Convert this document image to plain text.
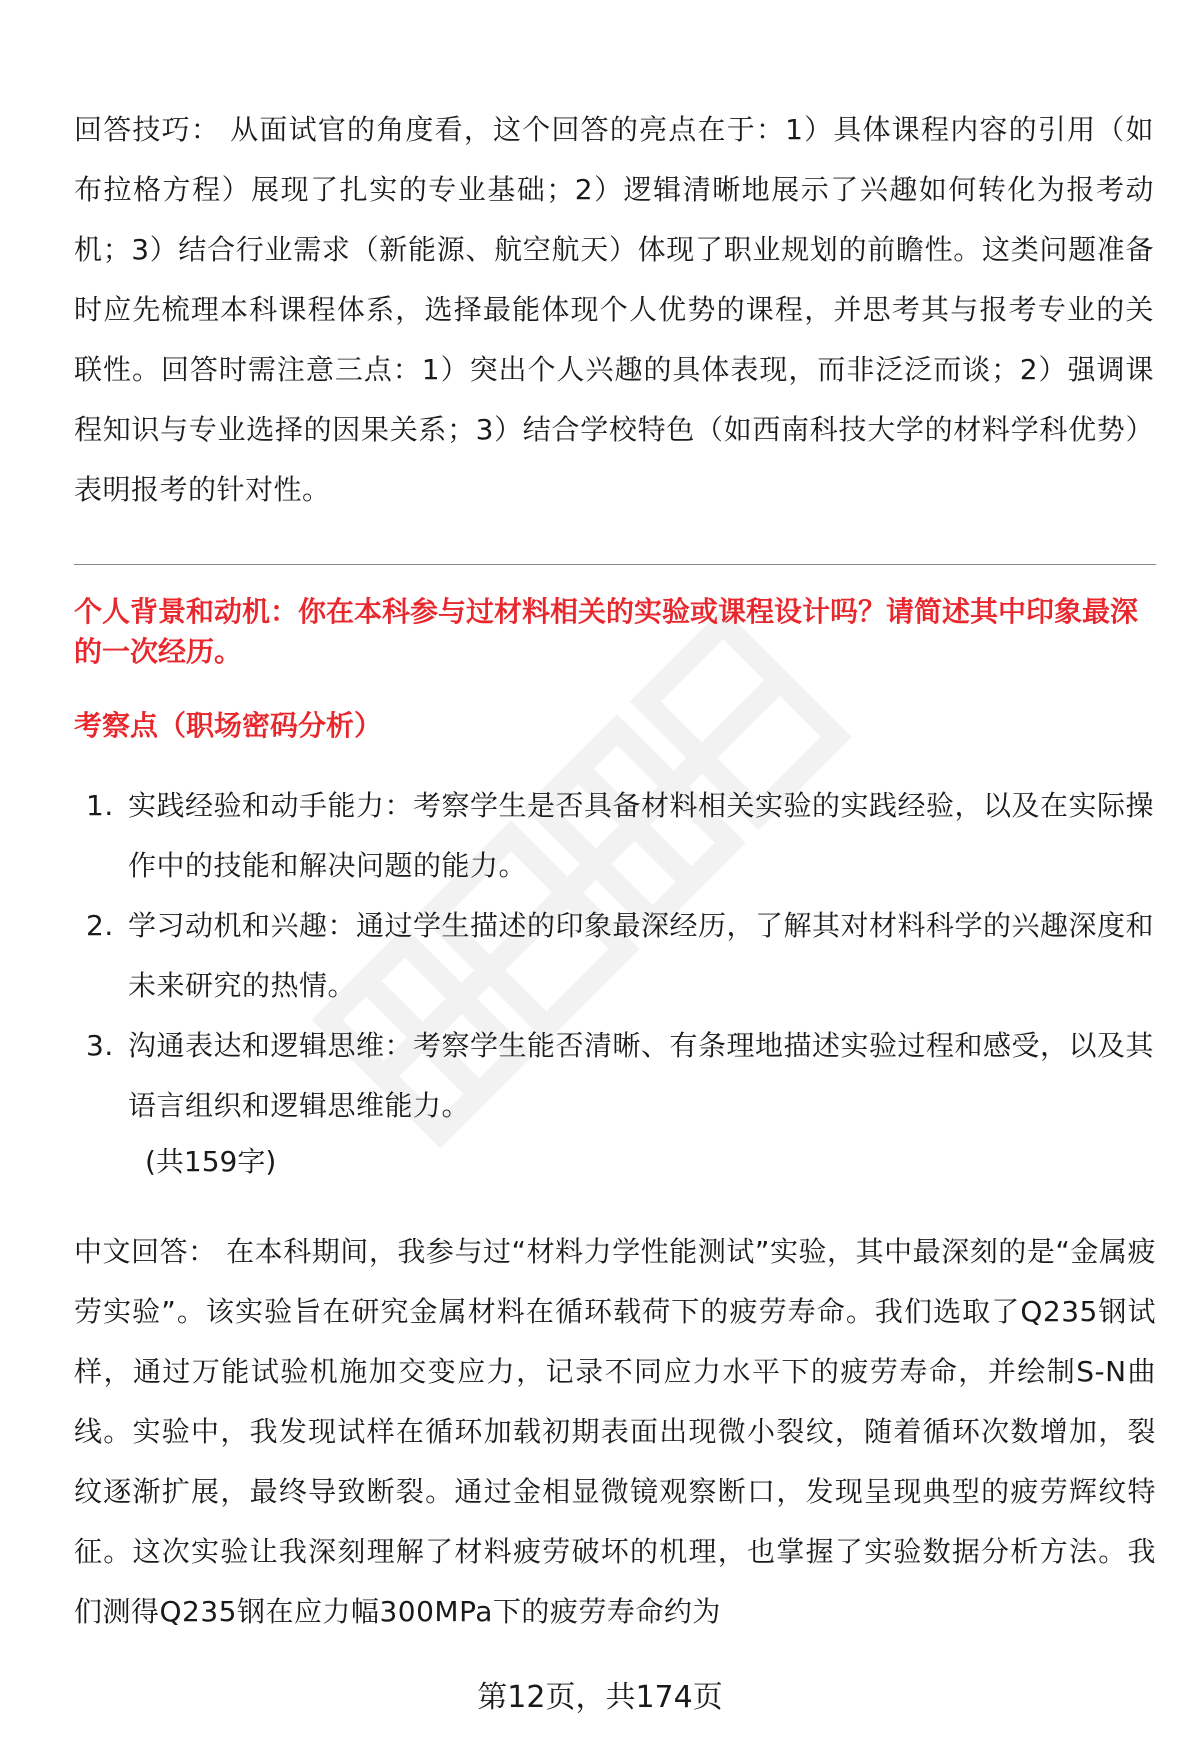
回答技巧： 从面试官的角度看，这个回答的亮点在于：1）具体课程内容的引用（如布拉格方程）展现了扎实的专业基础；2）逻辑清晰地展示了兴趣如何转化为报考动机；3）结合行业需求（新能源、航空航天）体现了职业规划的前瞻性。这类问题准备时应先梳理本科课程体系，选择最能体现个人优势的课程，并思考其与报考专业的关联性。回答时需注意三点：1）突出个人兴趣的具体表现，而非泛泛而谈；2）强调课程知识与专业选择的因果关系；3）结合学校特色（如西南科技大学的材料学科优势）表明报考的针对性。

个人背景和动机：你在本科参与过材料相关的实验或课程设计吗？请简述其中印象最深的一次经历。

考察点（职场密码分析）

1. 实践经验和动手能力：考察学生是否具备材料相关实验的实践经验，以及在实际操作中的技能和解决问题的能力。
2. 学习动机和兴趣：通过学生描述的印象最深经历，了解其对材料科学的兴趣深度和未来研究的热情。
3. 沟通表达和逻辑思维：考察学生能否清晰、有条理地描述实验过程和感受，以及其语言组织和逻辑思维能力。

(共159字)

中文回答： 在本科期间，我参与过“材料力学性能测试”实验，其中最深刻的是“金属疲劳实验”。该实验旨在研究金属材料在循环载荷下的疲劳寿命。我们选取了Q235钢试样，通过万能试验机施加交变应力，记录不同应力水平下的疲劳寿命，并绘制S-N曲线。实验中，我发现试样在循环加载初期表面出现微小裂纹，随着循环次数增加，裂纹逐渐扩展，最终导致断裂。通过金相显微镜观察断口，发现呈现典型的疲劳辉纹特征。这次实验让我深刻理解了材料疲劳破坏的机理，也掌握了实验数据分析方法。我们测得Q235钢在应力幅300MPa下的疲劳寿命约为

第12页，共174页
